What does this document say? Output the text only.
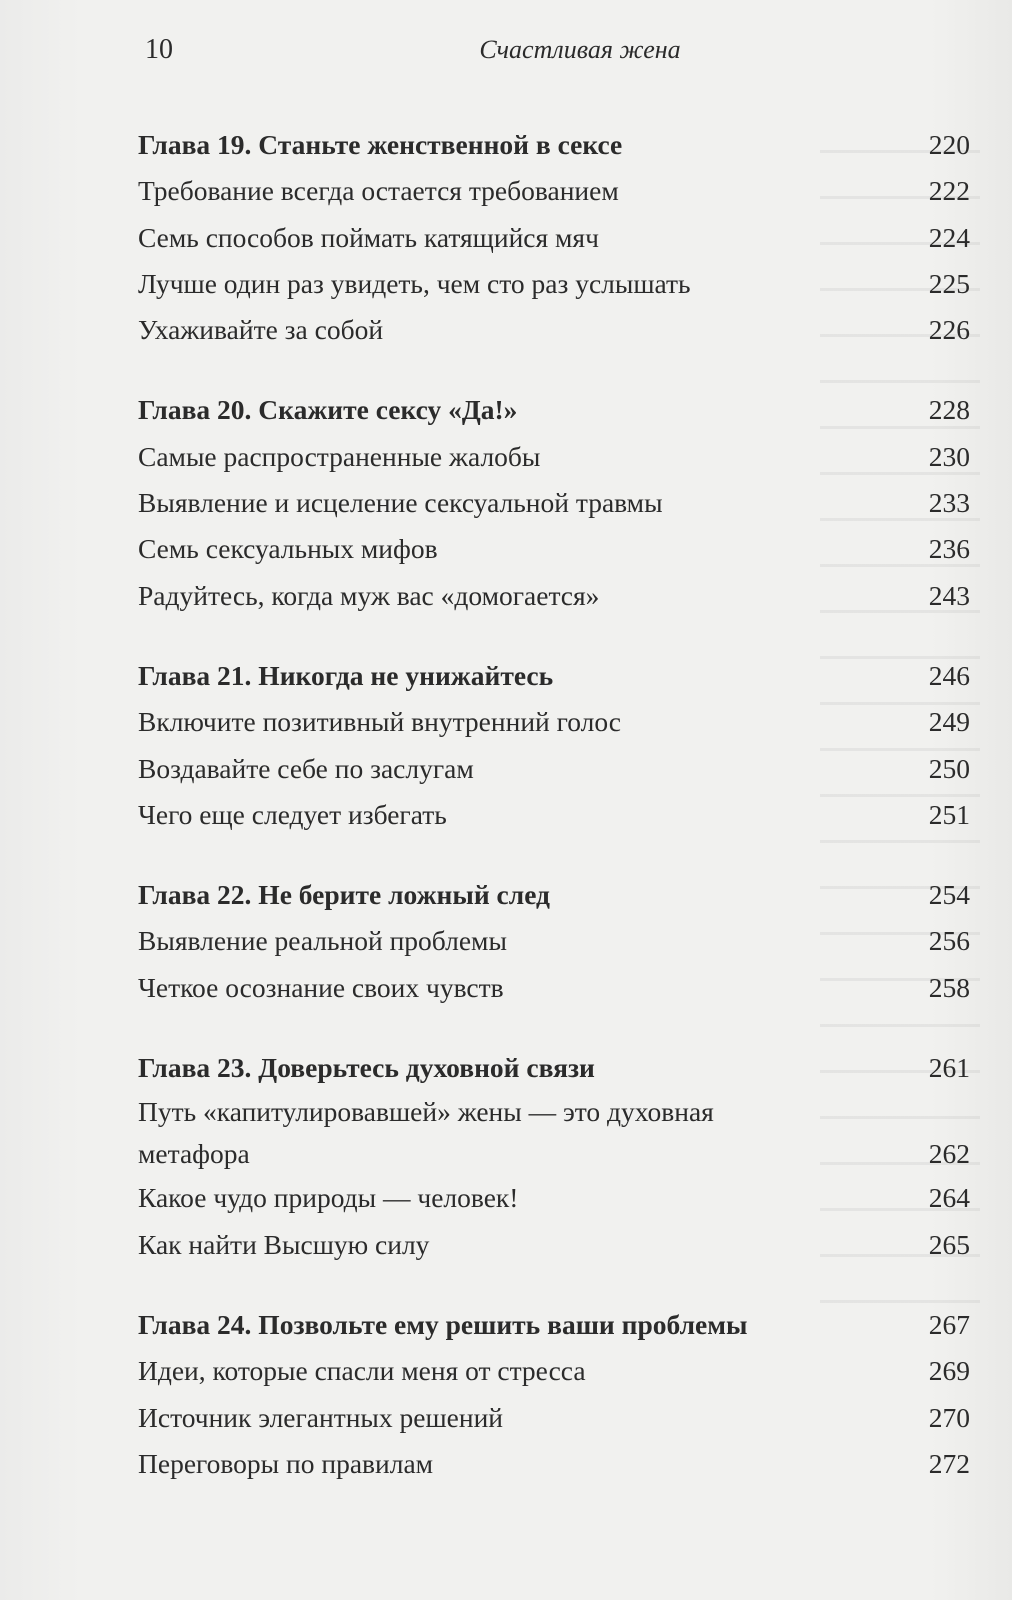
10	Счастливая жена
Глава 19. Станьте женственной в сексе	220
Требование всегда остается требованием	222
Семь способов поймать катящийся мяч	224
Лучше один раз увидеть, чем сто раз услышать	225
Ухаживайте за собой	226
Глава 20. Скажите сексу «Да!»	228
Самые распространенные жалобы	230
Выявление и исцеление сексуальной травмы	233
Семь сексуальных мифов	236
Радуйтесь, когда муж вас «домогается»	243
Глава 21. Никогда не унижайтесь	246
Включите позитивный внутренний голос	249
Воздавайте себе по заслугам	250
Чего еще следует избегать	251
Глава 22. Не берите ложный след	254
Выявление реальной проблемы	256
Четкое осознание своих чувств	258
Глава 23. Доверьтесь духовной связи	261
Путь «капитулировавшей» жены — это духовная
метафора	262
Какое чудо природы — человек!	264
Как найти Высшую силу	265
Глава 24. Позвольте ему решить ваши проблемы	267
Идеи, которые спасли меня от стресса	269
Источник элегантных решений	270
Переговоры по правилам	272
